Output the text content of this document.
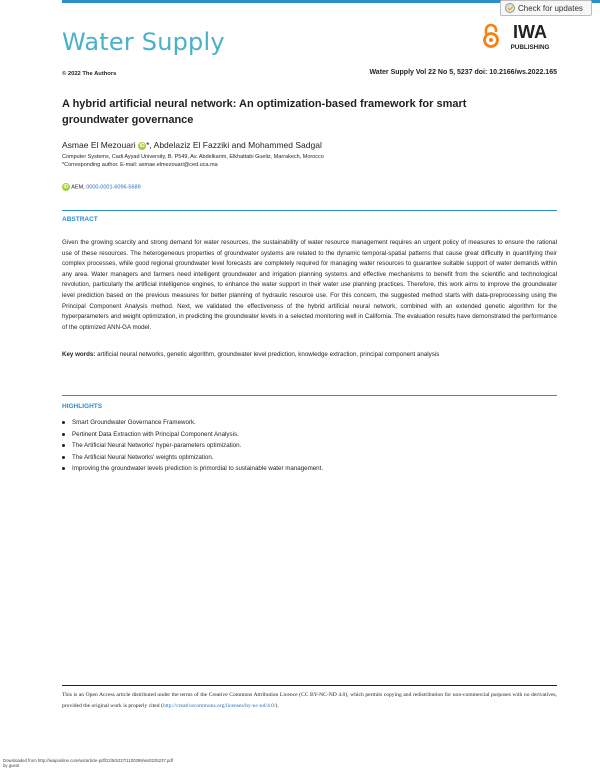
Water Supply
Check for updates
IWA
PUBLISHING
© 2022 The Authors	Water Supply Vol 22 No 5, 5237 doi: 10.2166/ws.2022.165
A hybrid artificial neural network: An optimization-based framework for smart groundwater governance
Asmae El Mezouari iD *, Abdelaziz El Fazziki and Mohammed Sadgal
Computer Systems, Cadi Ayyad University, B. P549, Av. Abdelkarim, Elkhattabi Gueliz, Marrakech, Morocco
*Corresponding author. E-mail: asmae.elmezouari@ced.uca.ma
iD AEM, 0000-0001-6096-5689
ABSTRACT
Given the growing scarcity and strong demand for water resources, the sustainability of water resource management requires an urgent policy of measures to ensure the rational use of these resources. The heterogeneous properties of groundwater systems are related to the dynamic temporal-spatial patterns that cause great difficulty in quantifying their complex processes, while good regional groundwater level forecasts are completely required for managing water resources to guarantee suitable support of water demands within any area. Water managers and farmers need intelligent groundwater and irrigation planning systems and effective mechanisms to benefit from the scientific and technological revolution, particularly the artificial intelligence engines, to enhance the water support in their water use planning practices. Therefore, this work aims to improve the groundwater level prediction based on the previous measures for better planning of hydraulic resource use. For this concern, the suggested method starts with data-preprocessing using the Principal Component Analysis method. Next, we validated the effectiveness of the hybrid artificial neural network, combined with an extended genetic algorithm for the hyperparameters and weight optimization, in predicting the groundwater levels in a selected monitoring well in California. The evaluation results have demonstrated the performance of the optimized ANN-GA model.
Key words: artificial neural networks, genetic algorithm, groundwater level prediction, knowledge extraction, principal component analysis
HIGHLIGHTS
Smart Groundwater Governance Framework.
Pertinent Data Extraction with Principal Component Analysis.
The Artificial Neural Networks' hyper-parameters optimization.
The Artificial Neural Networks' weights optimization.
Improving the groundwater levels prediction is primordial to sustainable water management.
This is an Open Access article distributed under the terms of the Creative Commons Attribution Licence (CC BY-NC-ND 4.0), which permits copying and redistribution for non-commercial purposes with no derivatives, provided the original work is properly cited (http://creativecommons.org/licenses/by-nc-nd/4.0/).
Downloaded from http://iwaponline.com/ws/article-pdf/22/5/5237/1100399/ws0225237.pdf
by guest
